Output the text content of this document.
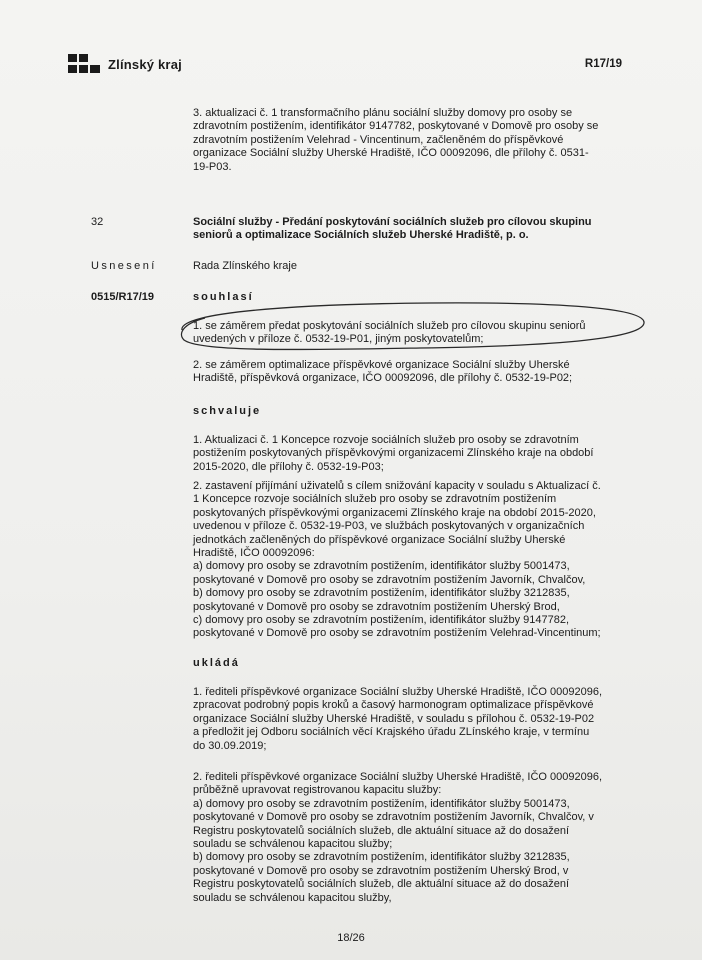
Zlínský kraj	R17/19
3. aktualizaci č. 1 transformačního plánu sociální služby domovy pro osoby se
zdravotním postižením, identifikátor 9147782, poskytované v Domově pro osoby se
zdravotním postižením Velehrad - Vincentinum, začleněném do příspěvkové
organizace Sociální služby Uherské Hradiště, IČO 00092096, dle přílohy č. 0531-
19-P03.
32	Sociální služby - Předání poskytování sociálních služeb pro cílovou skupinu
seniorů a optimalizace Sociálních služeb Uherské Hradiště, p. o.
Usnesení	Rada Zlínského kraje
0515/R17/19	souhlasí
1. se záměrem předat poskytování sociálních služeb pro cílovou skupinu seniorů
uvedených v příloze č. 0532-19-P01, jiným poskytovatelům;
2. se záměrem optimalizace příspěvkové organizace Sociální služby Uherské
Hradiště, příspěvková organizace, IČO 00092096, dle přílohy č. 0532-19-P02;
schvaluje
1. Aktualizaci č. 1 Koncepce rozvoje sociálních služeb pro osoby se zdravotním
postižením poskytovaných příspěvkovými organizacemi Zlínského kraje na období
2015-2020, dle přílohy č. 0532-19-P03;
2. zastavení přijímání uživatelů s cílem snižování kapacity v souladu s Aktualizací č.
1 Koncepce rozvoje sociálních služeb pro osoby se zdravotním postižením
poskytovaných příspěvkovými organizacemi Zlínského kraje na období 2015-2020,
uvedenou v příloze č. 0532-19-P03, ve službách poskytovaných v organizačních
jednotkách začleněných do příspěvkové organizace Sociální služby Uherské
Hradiště, IČO 00092096:
a) domovy pro osoby se zdravotním postižením, identifikátor služby 5001473,
poskytované v Domově pro osoby se zdravotním postižením Javorník, Chvalčov,
b) domovy pro osoby se zdravotním postižením, identifikátor služby 3212835,
poskytované v Domově pro osoby se zdravotním postižením Uherský Brod,
c) domovy pro osoby se zdravotním postižením, identifikátor služby 9147782,
poskytované v Domově pro osoby se zdravotním postižením Velehrad-Vincentinum;
ukládá
1. řediteli příspěvkové organizace Sociální služby Uherské Hradiště, IČO 00092096,
zpracovat podrobný popis kroků a časový harmonogram optimalizace příspěvkové
organizace Sociální služby Uherské Hradiště, v souladu s přílohou č. 0532-19-P02
a předložit jej Odboru sociálních věcí Krajského úřadu ZLínského kraje, v termínu
do 30.09.2019;
2. řediteli příspěvkové organizace Sociální služby Uherské Hradiště, IČO 00092096,
průběžně upravovat registrovanou kapacitu služby:
a) domovy pro osoby se zdravotním postižením, identifikátor služby 5001473,
poskytované v Domově pro osoby se zdravotním postižením Javorník, Chvalčov, v
Registru poskytovatelů sociálních služeb, dle aktuální situace až do dosažení
souladu se schválenou kapacitou služby;
b) domovy pro osoby se zdravotním postižením, identifikátor služby 3212835,
poskytované v Domově pro osoby se zdravotním postižením Uherský Brod, v
Registru poskytovatelů sociálních služeb, dle aktuální situace až do dosažení
souladu se schválenou kapacitou služby,
18/26
